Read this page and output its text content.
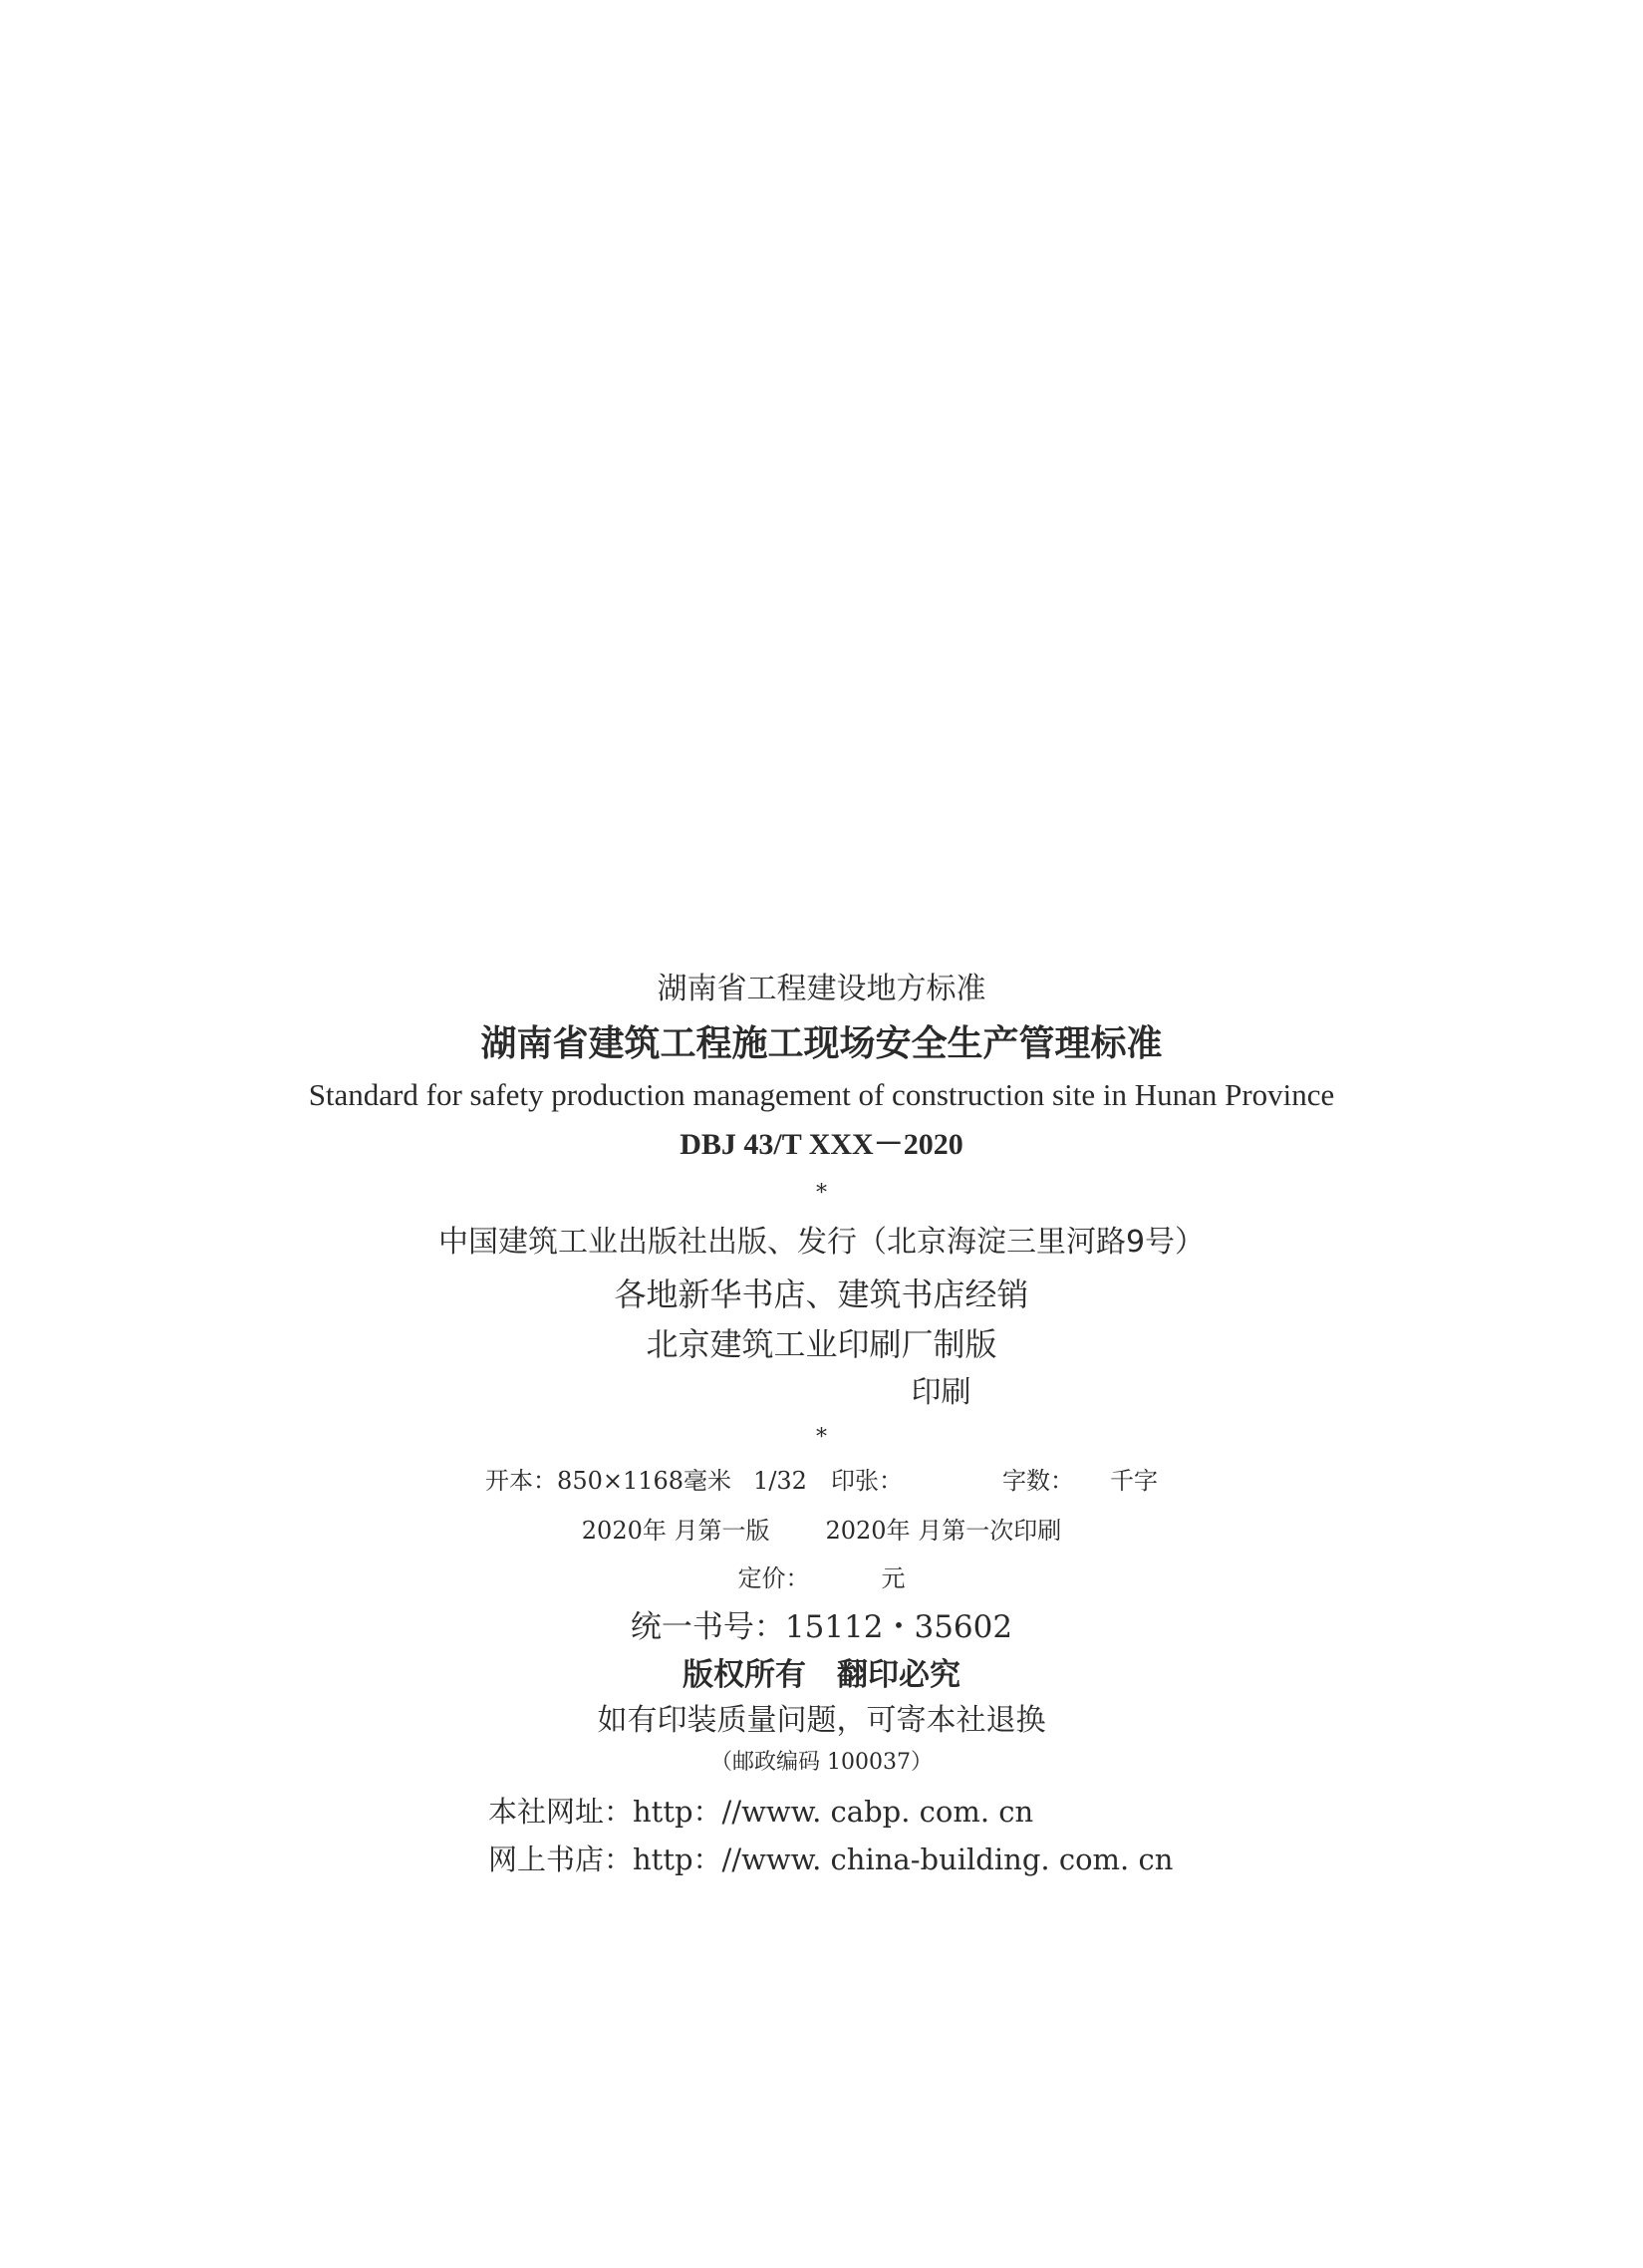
湖南省工程建设地方标准
湖南省建筑工程施工现场安全生产管理标准
Standard for safety production management of construction site in Hunan Province
DBJ 43/T XXX－2020
*
中国建筑工业出版社出版、发行（北京海淀三里河路9号）
各地新华书店、建筑书店经销
北京建筑工业印刷厂制版
印刷
*
开本：850×1168毫米 1/32 印张：	字数： 千字
2020年 月第一版 2020年 月第一次印刷
定价：	元
统一书号：15112・35602
版权所有　翻印必究
如有印装质量问题，可寄本社退换
（邮政编码 100037）
本社网址：http：//www. cabp. com. cn
网上书店：http：//www. china-building. com. cn
